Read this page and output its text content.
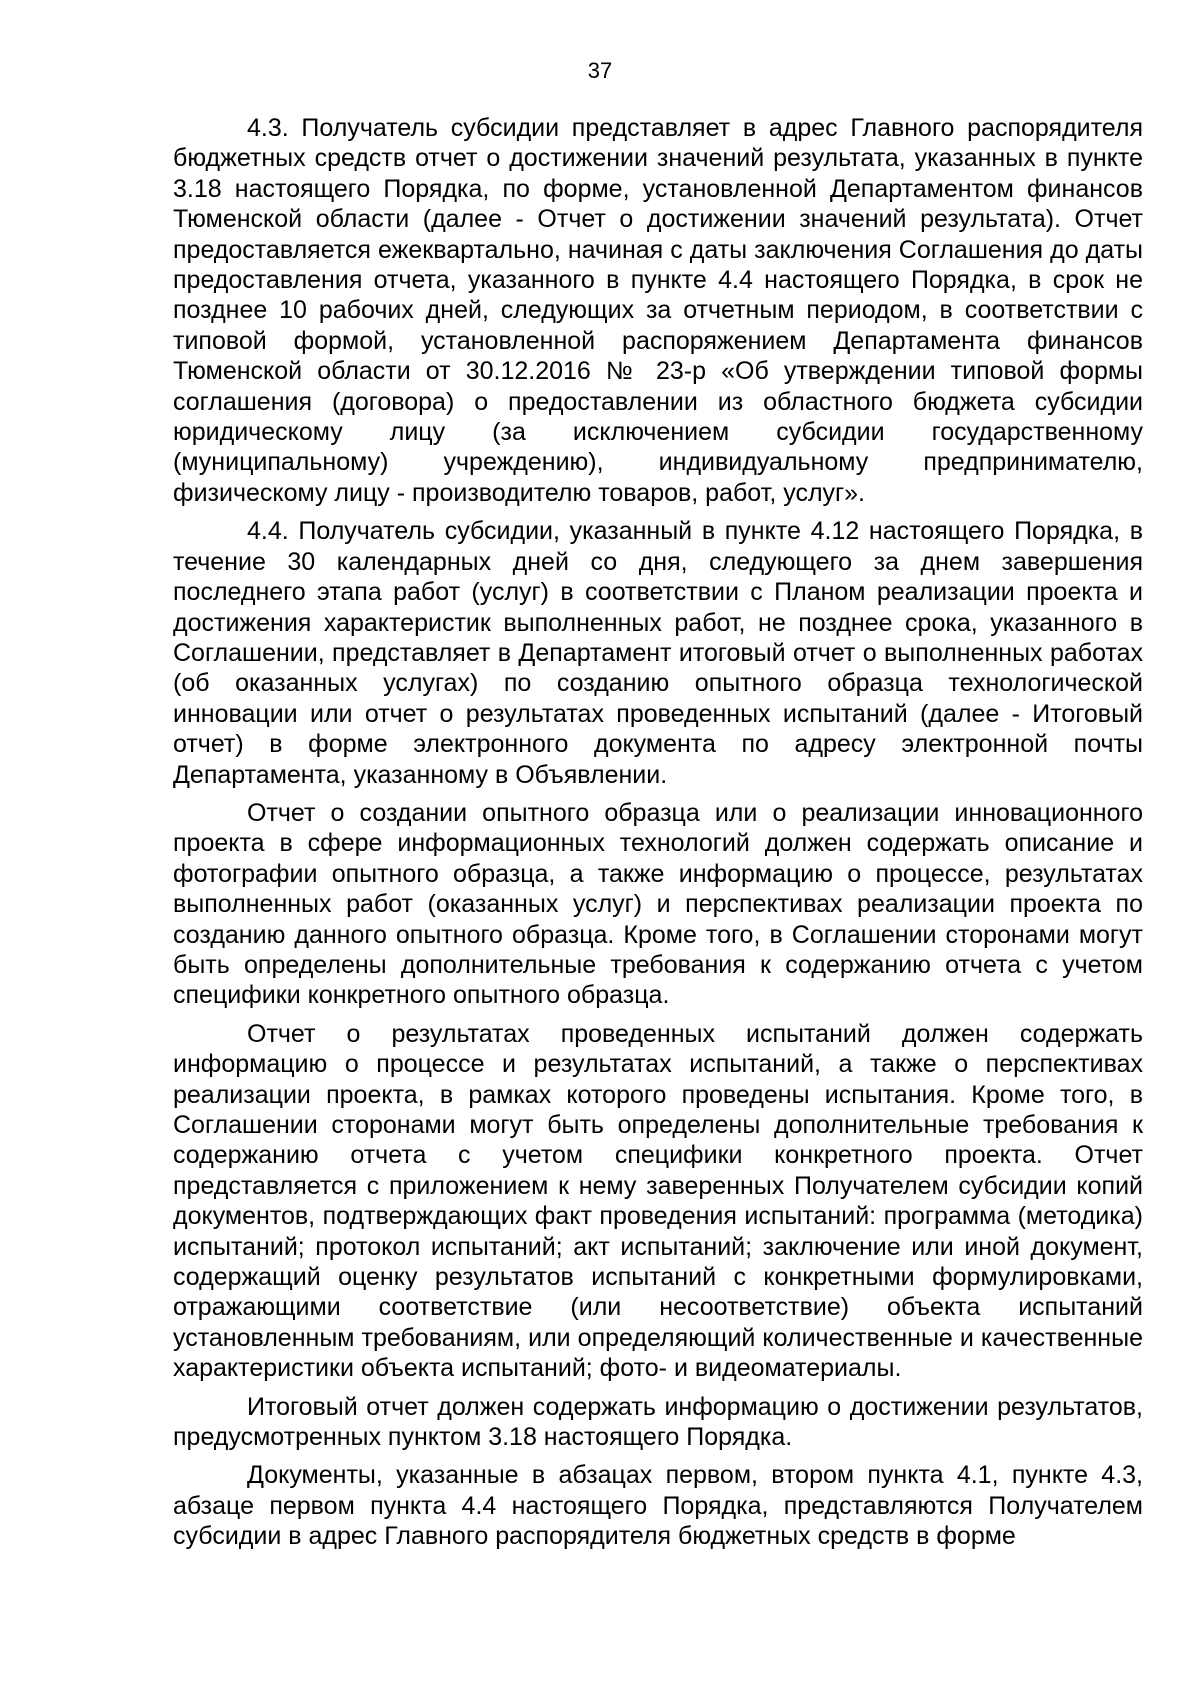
37

4.3. Получатель субсидии представляет в адрес Главного распорядителя бюджетных средств отчет о достижении значений результата, указанных в пункте 3.18 настоящего Порядка, по форме, установленной Департаментом финансов Тюменской области (далее - Отчет о достижении значений результата). Отчет предоставляется ежеквартально, начиная с даты заключения Соглашения до даты предоставления отчета, указанного в пункте 4.4 настоящего Порядка, в срок не позднее 10 рабочих дней, следующих за отчетным периодом, в соответствии с типовой формой, установленной распоряжением Департамента финансов Тюменской области от 30.12.2016 № 23-р «Об утверждении типовой формы соглашения (договора) о предоставлении из областного бюджета субсидии юридическому лицу (за исключением субсидии государственному (муниципальному) учреждению), индивидуальному предпринимателю, физическому лицу - производителю товаров, работ, услуг».

4.4. Получатель субсидии, указанный в пункте 4.12 настоящего Порядка, в течение 30 календарных дней со дня, следующего за днем завершения последнего этапа работ (услуг) в соответствии с Планом реализации проекта и достижения характеристик выполненных работ, не позднее срока, указанного в Соглашении, представляет в Департамент итоговый отчет о выполненных работах (об оказанных услугах) по созданию опытного образца технологической инновации или отчет о результатах проведенных испытаний (далее - Итоговый отчет) в форме электронного документа по адресу электронной почты Департамента, указанному в Объявлении.

Отчет о создании опытного образца или о реализации инновационного проекта в сфере информационных технологий должен содержать описание и фотографии опытного образца, а также информацию о процессе, результатах выполненных работ (оказанных услуг) и перспективах реализации проекта по созданию данного опытного образца. Кроме того, в Соглашении сторонами могут быть определены дополнительные требования к содержанию отчета с учетом специфики конкретного опытного образца.

Отчет о результатах проведенных испытаний должен содержать информацию о процессе и результатах испытаний, а также о перспективах реализации проекта, в рамках которого проведены испытания. Кроме того, в Соглашении сторонами могут быть определены дополнительные требования к содержанию отчета с учетом специфики конкретного проекта. Отчет представляется с приложением к нему заверенных Получателем субсидии копий документов, подтверждающих факт проведения испытаний: программа (методика) испытаний; протокол испытаний; акт испытаний; заключение или иной документ, содержащий оценку результатов испытаний с конкретными формулировками, отражающими соответствие (или несоответствие) объекта испытаний установленным требованиям, или определяющий количественные и качественные характеристики объекта испытаний; фото- и видеоматериалы.

Итоговый отчет должен содержать информацию о достижении результатов, предусмотренных пунктом 3.18 настоящего Порядка.

Документы, указанные в абзацах первом, втором пункта 4.1, пункте 4.3, абзаце первом пункта 4.4 настоящего Порядка, представляются Получателем субсидии в адрес Главного распорядителя бюджетных средств в форме
